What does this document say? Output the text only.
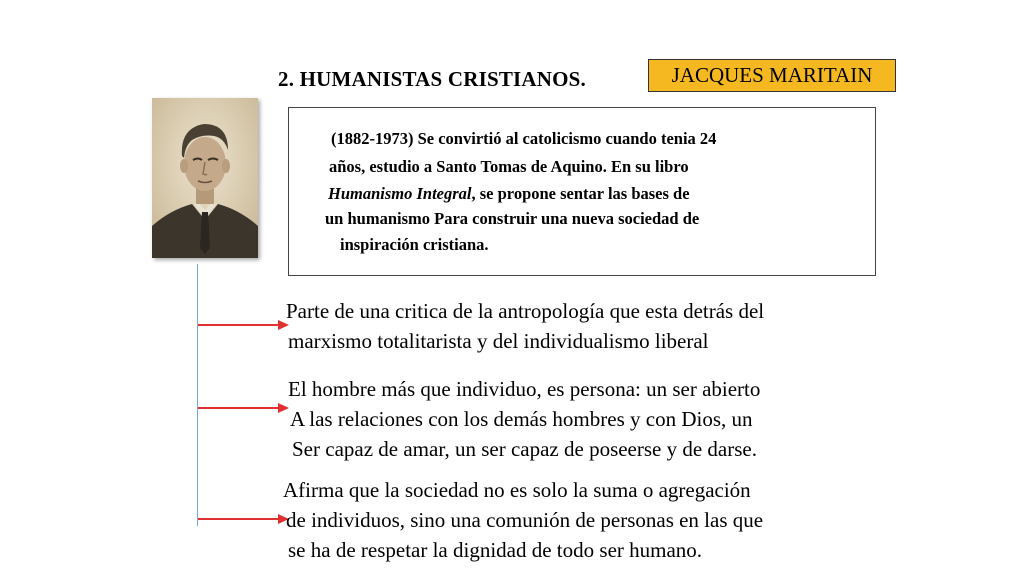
2. HUMANISTAS CRISTIANOS.	JACQUES MARITAIN
(1882-1973) Se convirtió al catolicismo cuando tenia 24
años, estudio a Santo Tomas de Aquino. En su libro
Humanismo Integral, se propone sentar las bases de
un humanismo Para construir una nueva sociedad de
inspiración cristiana.
Parte de una critica de la antropología que esta detrás del
marxismo totalitarista y del individualismo liberal
El hombre más que individuo, es persona: un ser abierto
A las relaciones con los demás hombres y con Dios, un
Ser capaz de amar, un ser capaz de poseerse y de darse.
Afirma que la sociedad no es solo la suma o agregación
de individuos, sino una comunión de personas en las que
se ha de respetar la dignidad de todo ser humano.
